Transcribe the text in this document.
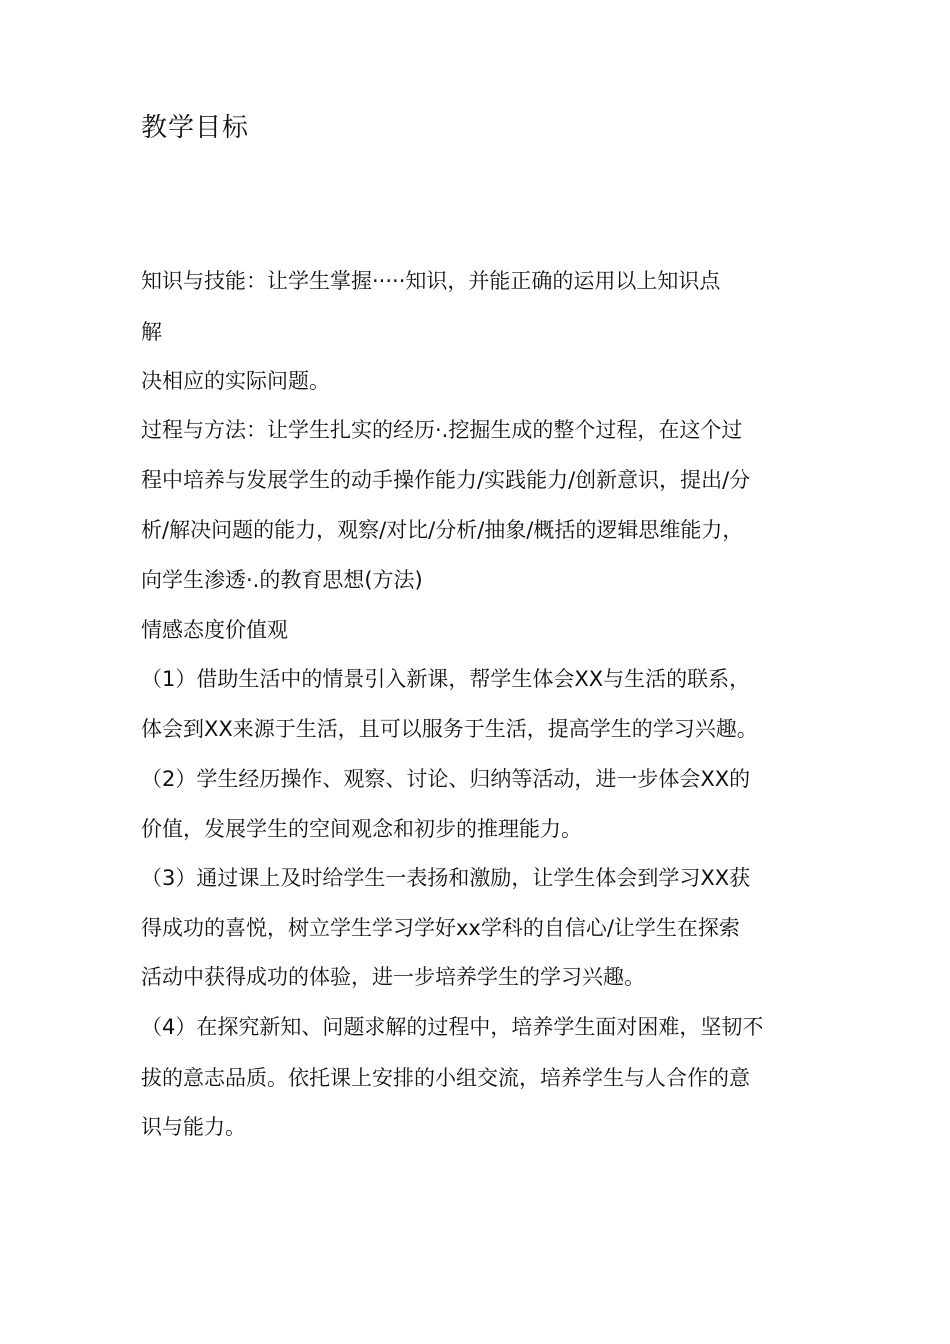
教学目标
知识与技能：让学生掌握·····知识，并能正确的运用以上知识点
解
决相应的实际问题。
过程与方法：让学生扎实的经历·.挖掘生成的整个过程，在这个过
程中培养与发展学生的动手操作能力/实践能力/创新意识，提出/分
析/解决问题的能力，观察/对比/分析/抽象/概括的逻辑思维能力，
向学生渗透·.的教育思想(方法)
情感态度价值观
（1）借助生活中的情景引入新课，帮学生体会XX与生活的联系，
体会到XX来源于生活，且可以服务于生活，提高学生的学习兴趣。
（2）学生经历操作、观察、讨论、归纳等活动，进一步体会XX的
价值，发展学生的空间观念和初步的推理能力。
（3）通过课上及时给学生一表扬和激励，让学生体会到学习XX获
得成功的喜悦，树立学生学习学好xx学科的自信心/让学生在探索
活动中获得成功的体验，进一步培养学生的学习兴趣。
（4）在探究新知、问题求解的过程中，培养学生面对困难，坚韧不
拔的意志品质。依托课上安排的小组交流，培养学生与人合作的意
识与能力。
